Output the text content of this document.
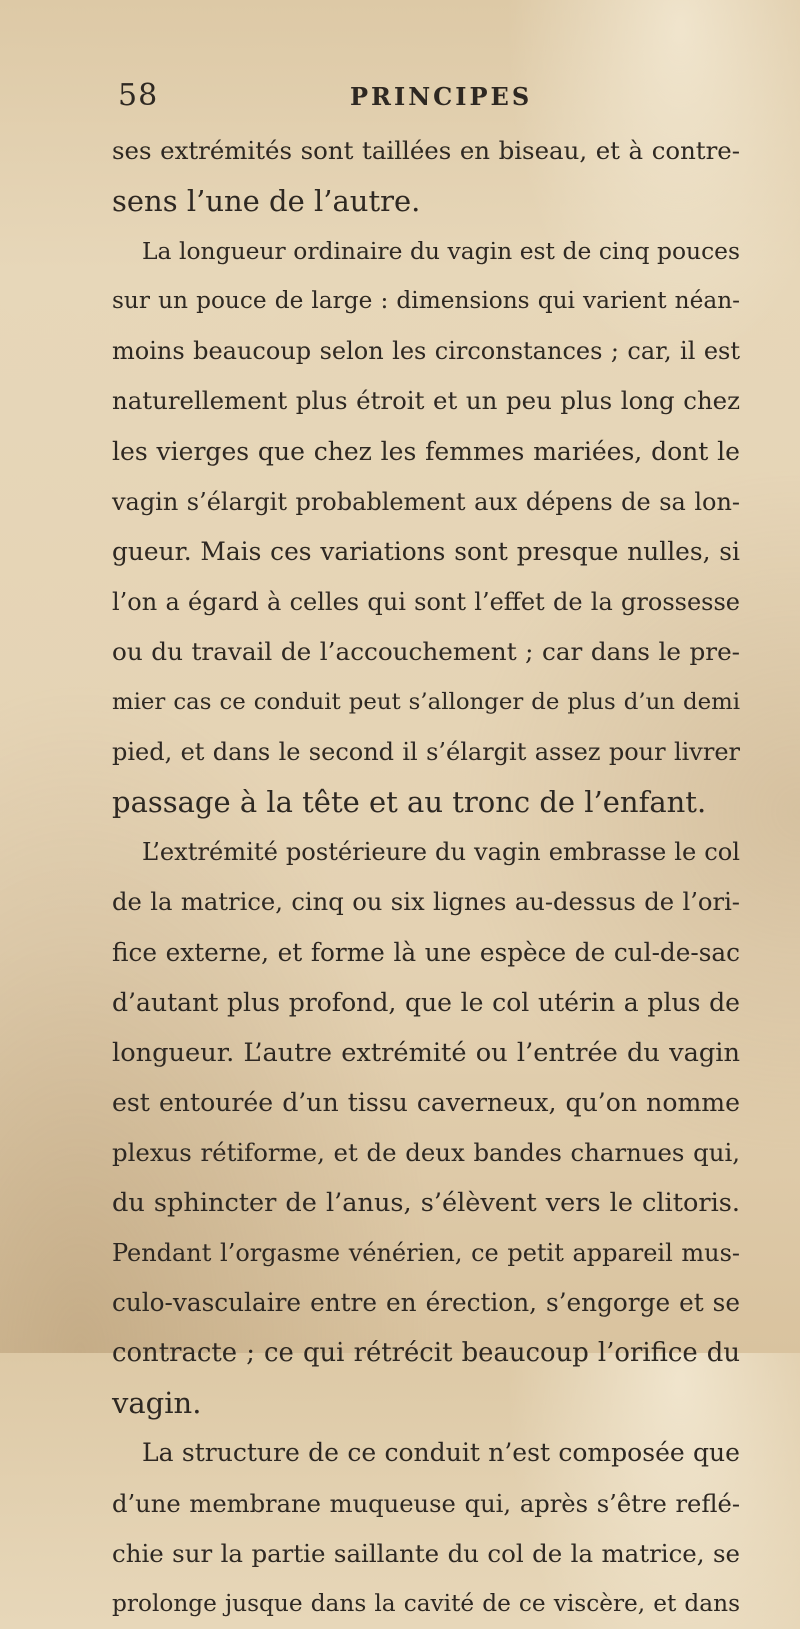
58	PRINCIPES
ses extrémités sont taillées en biseau, et à contre-
sens l’une de l’autre.
La longueur ordinaire du vagin est de cinq pouces
sur un pouce de large : dimensions qui varient néan-
moins beaucoup selon les circonstances ; car, il est
naturellement plus étroit et un peu plus long chez
les vierges que chez les femmes mariées, dont le
vagin s’élargit probablement aux dépens de sa lon-
gueur. Mais ces variations sont presque nulles, si
l’on a égard à celles qui sont l’effet de la grossesse
ou du travail de l’accouchement ; car dans le pre-
mier cas ce conduit peut s’allonger de plus d’un demi
pied, et dans le second il s’élargit assez pour livrer
passage à la tête et au tronc de l’enfant.
L’extrémité postérieure du vagin embrasse le col
de la matrice, cinq ou six lignes au-dessus de l’ori-
fice externe, et forme là une espèce de cul-de-sac
d’autant plus profond, que le col utérin a plus de
longueur. L’autre extrémité ou l’entrée du vagin
est entourée d’un tissu caverneux, qu’on nomme
plexus rétiforme, et de deux bandes charnues qui,
du sphincter de l’anus, s’élèvent vers le clitoris.
Pendant l’orgasme vénérien, ce petit appareil mus-
culo-vasculaire entre en érection, s’engorge et se
contracte ; ce qui rétrécit beaucoup l’orifice du
vagin.
La structure de ce conduit n’est composée que
d’une membrane muqueuse qui, après s’être reflé-
chie sur la partie saillante du col de la matrice, se
prolonge jusque dans la cavité de ce viscère, et dans
